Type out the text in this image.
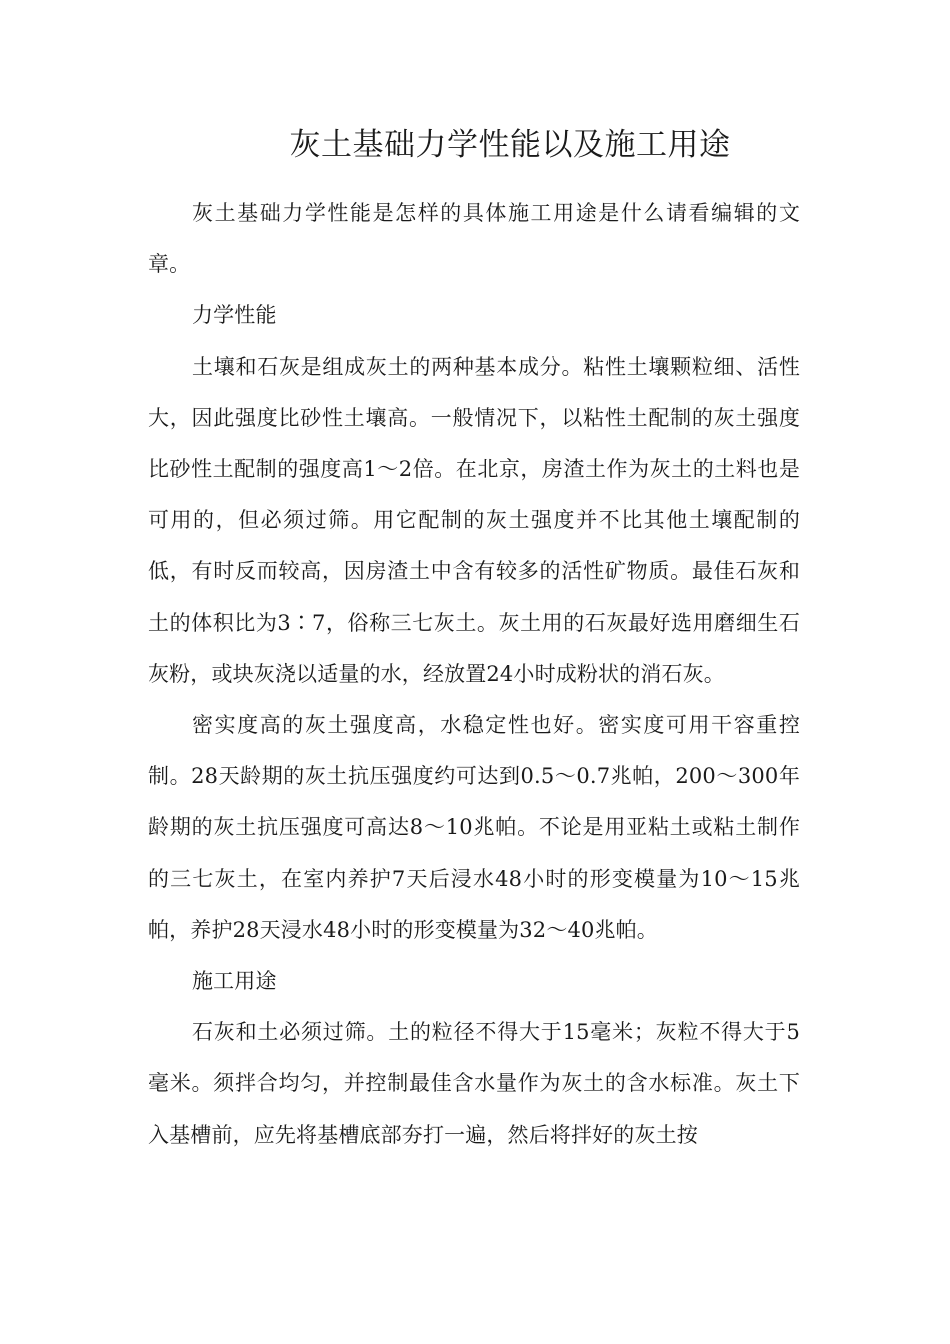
灰土基础力学性能以及施工用途

灰土基础力学性能是怎样的具体施工用途是什么请看编辑的文章。

力学性能

土壤和石灰是组成灰土的两种基本成分。粘性土壤颗粒细、活性大，因此强度比砂性土壤高。一般情况下，以粘性土配制的灰土强度比砂性土配制的强度高1～2倍。在北京，房渣土作为灰土的土料也是可用的，但必须过筛。用它配制的灰土强度并不比其他土壤配制的低，有时反而较高，因房渣土中含有较多的活性矿物质。最佳石灰和土的体积比为3∶7，俗称三七灰土。灰土用的石灰最好选用磨细生石灰粉，或块灰浇以适量的水，经放置24小时成粉状的消石灰。

密实度高的灰土强度高，水稳定性也好。密实度可用干容重控制。28天龄期的灰土抗压强度约可达到0.5～0.7兆帕，200～300年龄期的灰土抗压强度可高达8～10兆帕。不论是用亚粘土或粘土制作的三七灰土，在室内养护7天后浸水48小时的形变模量为10～15兆帕，养护28天浸水48小时的形变模量为32～40兆帕。

施工用途

石灰和土必须过筛。土的粒径不得大于15毫米；灰粒不得大于5毫米。须拌合均匀，并控制最佳含水量作为灰土的含水标准。灰土下入基槽前，应先将基槽底部夯打一遍，然后将拌好的灰土按
